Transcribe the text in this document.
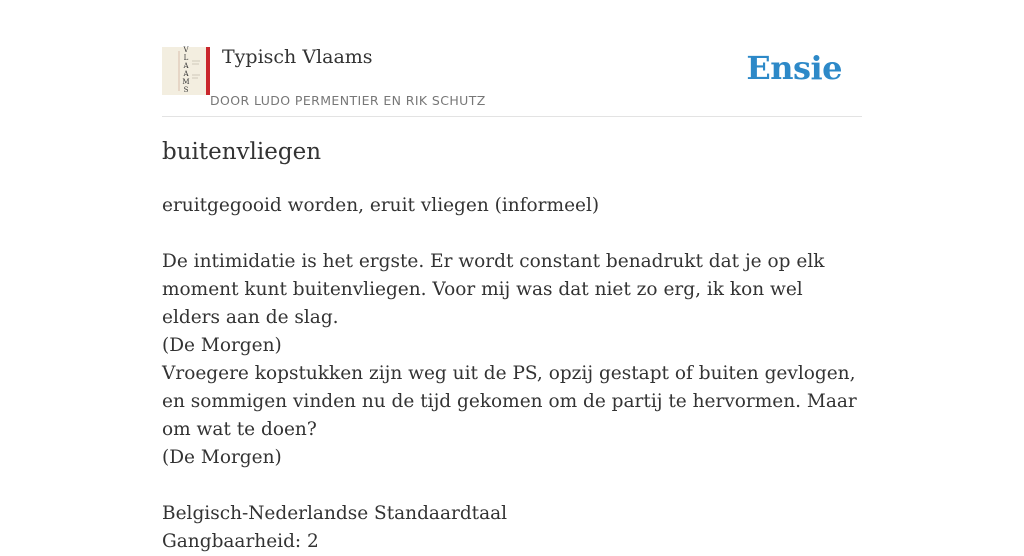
V
L
A
A
M
S
Typisch Vlaams
DOOR LUDO PERMENTIER EN RIK SCHUTZ
Ensie
buitenvliegen

eruitgegooid worden, eruit vliegen (informeel)

De intimidatie is het ergste. Er wordt constant benadrukt dat je op elk moment kunt buitenvliegen. Voor mij was dat niet zo erg, ik kon wel elders aan de slag.

(De Morgen)

Vroegere kopstukken zijn weg uit de PS, opzij gestapt of buiten gevlogen, en sommigen vinden nu de tijd gekomen om de partij te hervormen. Maar om wat te doen?

(De Morgen)

Belgisch-Nederlandse Standaardtaal

Gangbaarheid: 2
